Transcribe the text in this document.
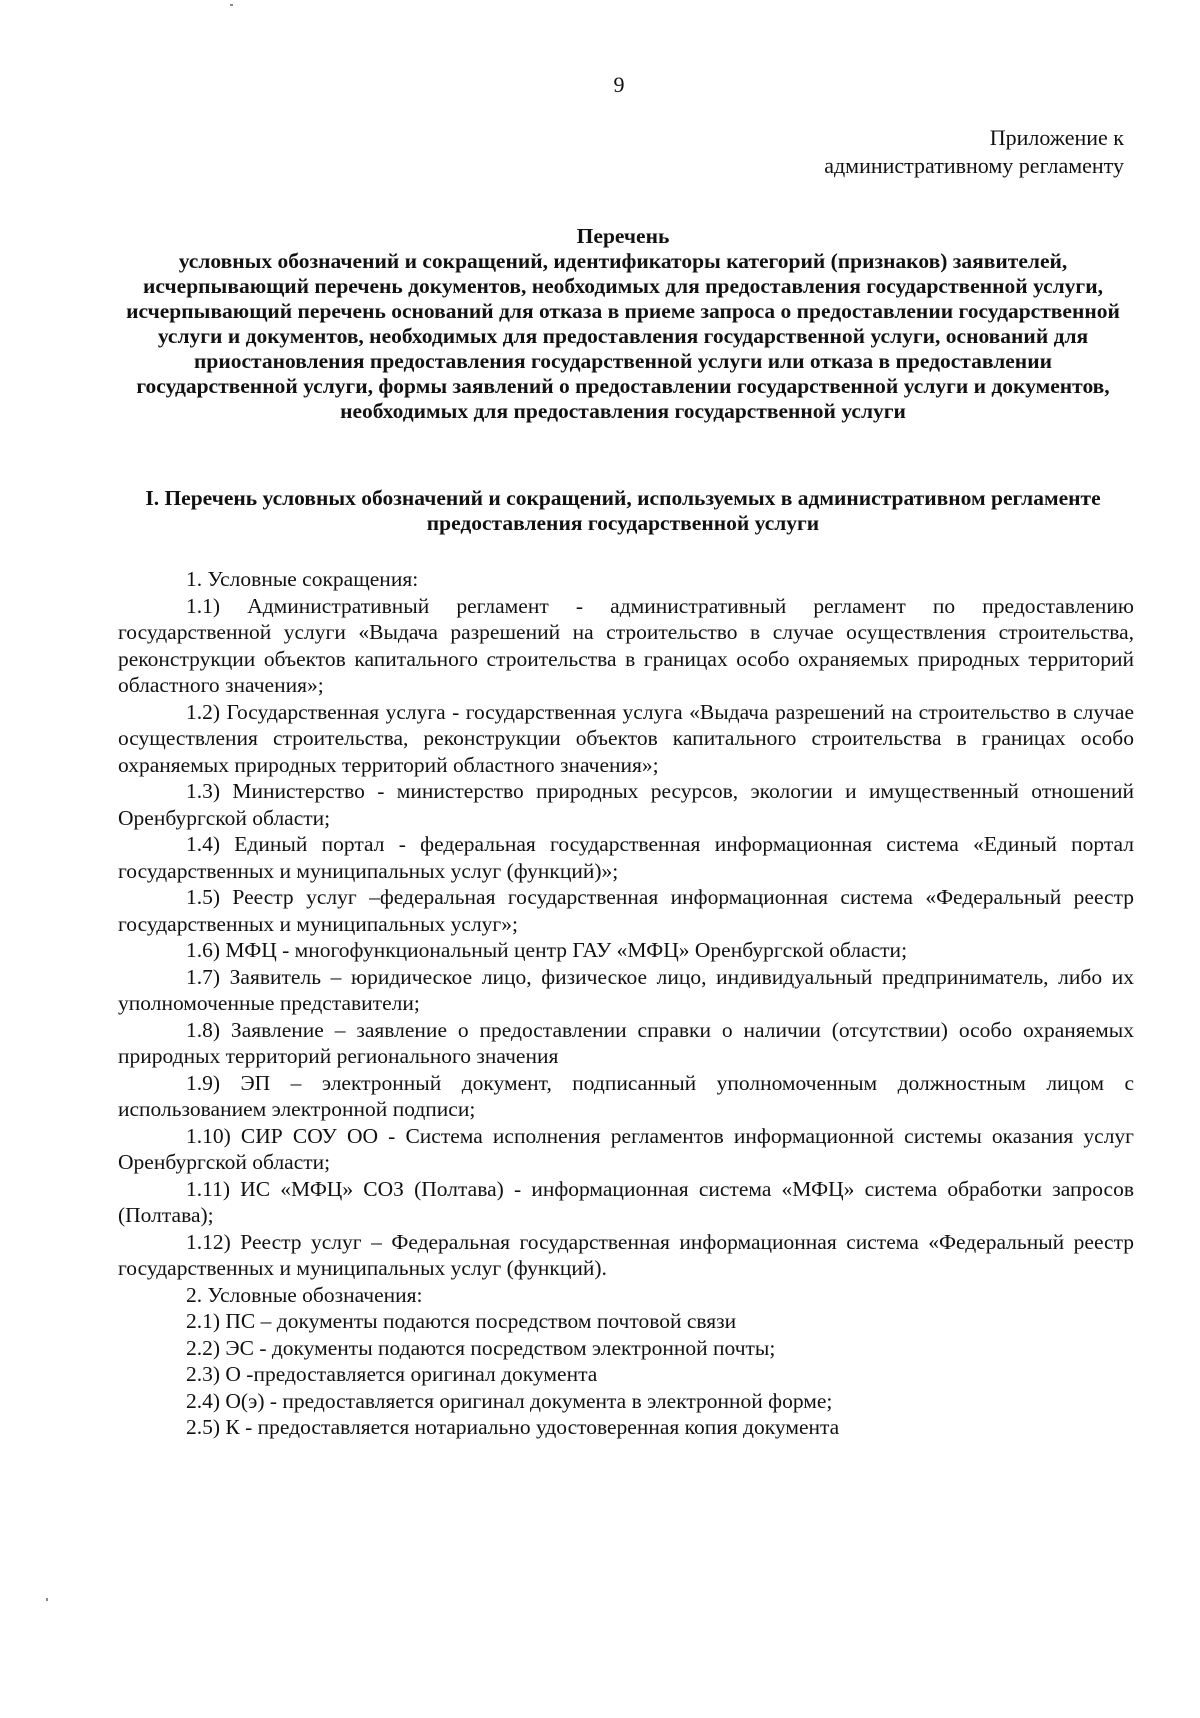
9
Приложение к
административному регламенту
Перечень
условных обозначений и сокращений, идентификаторы категорий (признаков) заявителей, исчерпывающий перечень документов, необходимых для предоставления государственной услуги, исчерпывающий перечень оснований для отказа в приеме запроса о предоставлении государственной услуги и документов, необходимых для предоставления государственной услуги, оснований для приостановления предоставления государственной услуги или отказа в предоставлении государственной услуги, формы заявлений о предоставлении государственной услуги и документов, необходимых для предоставления государственной услуги
I. Перечень условных обозначений и сокращений, используемых в административном регламенте предоставления государственной услуги

1. Условные сокращения:

1.1) Административный регламент - административный регламент по предоставлению государственной услуги «Выдача разрешений на строительство в случае осуществления строительства, реконструкции объектов капитального строительства в границах особо охраняемых природных территорий областного значения»;

1.2) Государственная услуга - государственная услуга «Выдача разрешений на строительство в случае осуществления строительства, реконструкции объектов капитального строительства в границах особо охраняемых природных территорий областного значения»;

1.3) Министерство - министерство природных ресурсов, экологии и имущественный отношений Оренбургской области;

1.4) Единый портал - федеральная государственная информационная система «Единый портал государственных и муниципальных услуг (функций)»;

1.5) Реестр услуг –федеральная государственная информационная система «Федеральный реестр государственных и муниципальных услуг»;

1.6) МФЦ - многофункциональный центр ГАУ «МФЦ» Оренбургской области;

1.7) Заявитель – юридическое лицо, физическое лицо, индивидуальный предприниматель, либо их уполномоченные представители;

1.8) Заявление – заявление о предоставлении справки о наличии (отсутствии) особо охраняемых природных территорий регионального значения

1.9) ЭП – электронный документ, подписанный уполномоченным должностным лицом с использованием электронной подписи;

1.10) СИР СОУ ОО - Система исполнения регламентов информационной системы оказания услуг Оренбургской области;

1.11) ИС «МФЦ» СОЗ (Полтава) - информационная система «МФЦ» система обработки запросов (Полтава);

1.12) Реестр услуг – Федеральная государственная информационная система «Федеральный реестр государственных и муниципальных услуг (функций).

2. Условные обозначения:

2.1) ПС – документы подаются посредством почтовой связи

2.2) ЭС - документы подаются посредством электронной почты;

2.3) О -предоставляется оригинал документа

2.4) О(э) - предоставляется оригинал документа в электронной форме;

2.5) К - предоставляется нотариально удостоверенная копия документа
